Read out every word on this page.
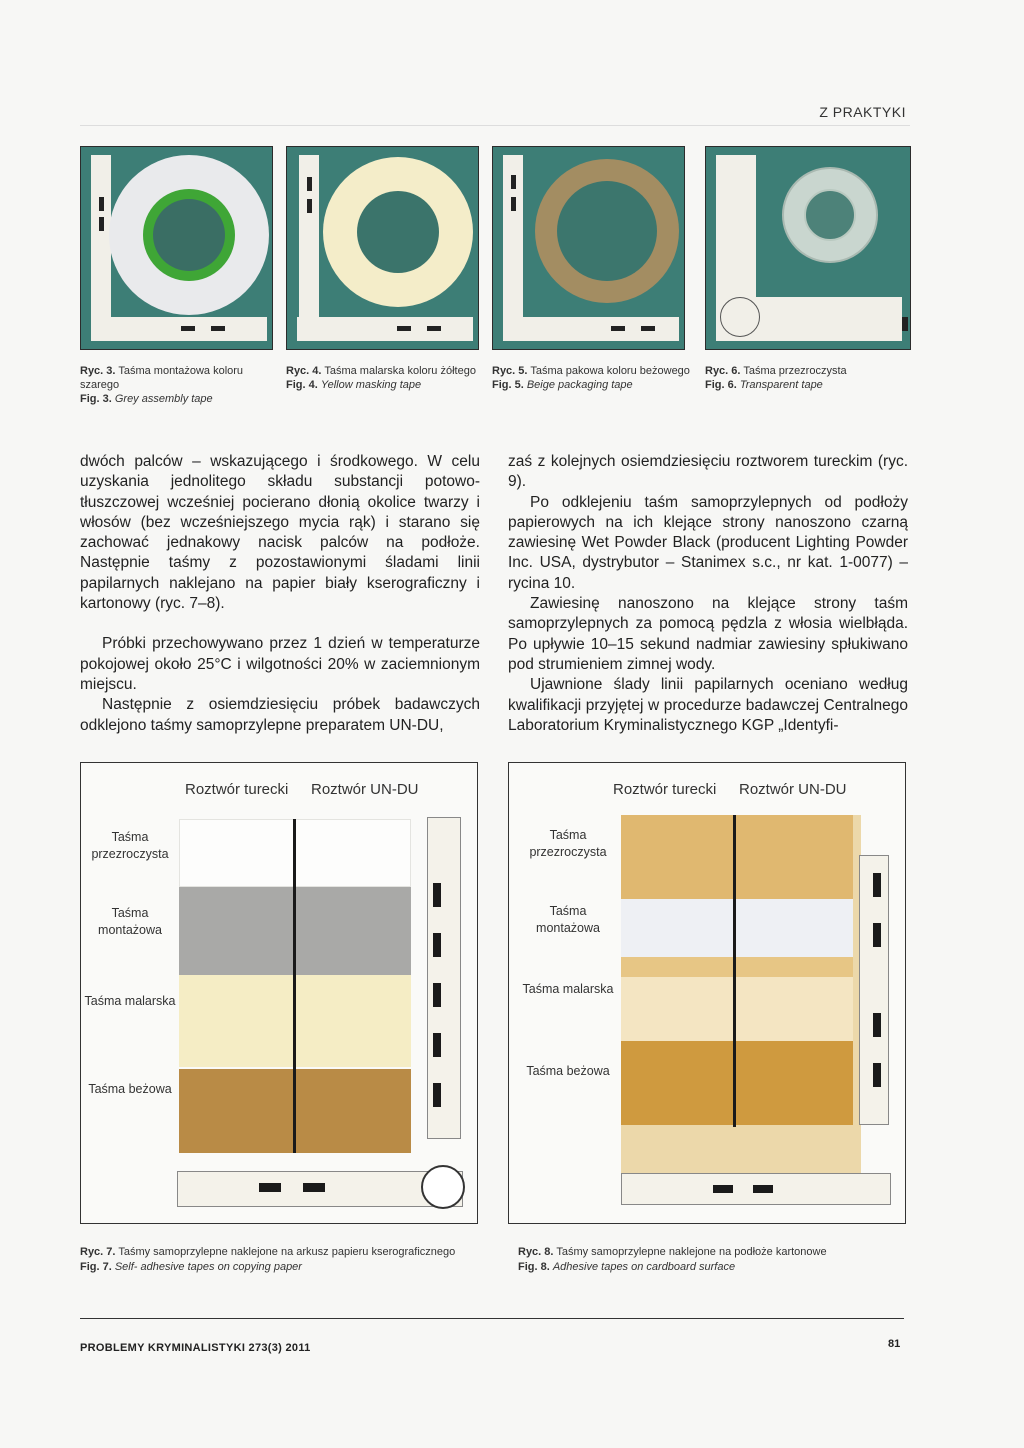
Z PRAKTYKI
Ryc. 3. Taśma montażowa koloru szarego
Fig. 3. Grey assembly tape
Ryc. 4. Taśma malarska koloru żółtego
Fig. 4. Yellow masking tape
Ryc. 5. Taśma pakowa koloru beżowego
Fig. 5. Beige packaging tape
Ryc. 6. Taśma przezroczysta
Fig. 6. Transparent tape

dwóch palców – wskazującego i środkowego. W celu uzyskania jednolitego składu substancji potowo-tłuszczowej wcześniej pocierano dłonią okolice twarzy i włosów (bez wcześniejszego mycia rąk) i starano się zachować jednakowy nacisk palców na podłoże. Następnie taśmy z pozostawionymi śladami linii papilarnych naklejano na papier biały kserograficzny i kartonowy (ryc. 7–8).

Próbki przechowywano przez 1 dzień w temperaturze pokojowej około 25°C i wilgotności 20% w zaciemnionym miejscu.

Następnie z osiemdziesięciu próbek badawczych odklejono taśmy samoprzylepne preparatem UN-DU,

zaś z kolejnych osiemdziesięciu roztworem tureckim (ryc. 9).

Po odklejeniu taśm samoprzylepnych od podłoży papierowych na ich klejące strony nanoszono czarną zawiesinę Wet Powder Black (producent Lighting Powder Inc. USA, dystrybutor – Stanimex s.c., nr kat. 1-0077) – rycina 10.

Zawiesinę nanoszono na klejące strony taśm samoprzylepnych za pomocą pędzla z włosia wielbłąda. Po upływie 10–15 sekund nadmiar zawiesiny spłukiwano pod strumieniem zimnej wody.

Ujawnione ślady linii papilarnych oceniano według kwalifikacji przyjętej w procedurze badawczej Centralnego Laboratorium Kryminalistycznego KGP „Identyfi-

Roztwór turecki Roztwór UN-DU
Taśma przezroczysta
Taśma montażowa
Taśma malarska
Taśma beżowa
Roztwór turecki Roztwór UN-DU
Taśma przezroczysta
Taśma montażowa
Taśma malarska
Taśma beżowa
Ryc. 7. Taśmy samoprzylepne naklejone na arkusz papieru kserograficznego
Fig. 7. Self- adhesive tapes on copying paper
Ryc. 8. Taśmy samoprzylepne naklejone na podłoże kartonowe
Fig. 8. Adhesive tapes on cardboard surface
PROBLEMY KRYMINALISTYKI 273(3) 2011	81
